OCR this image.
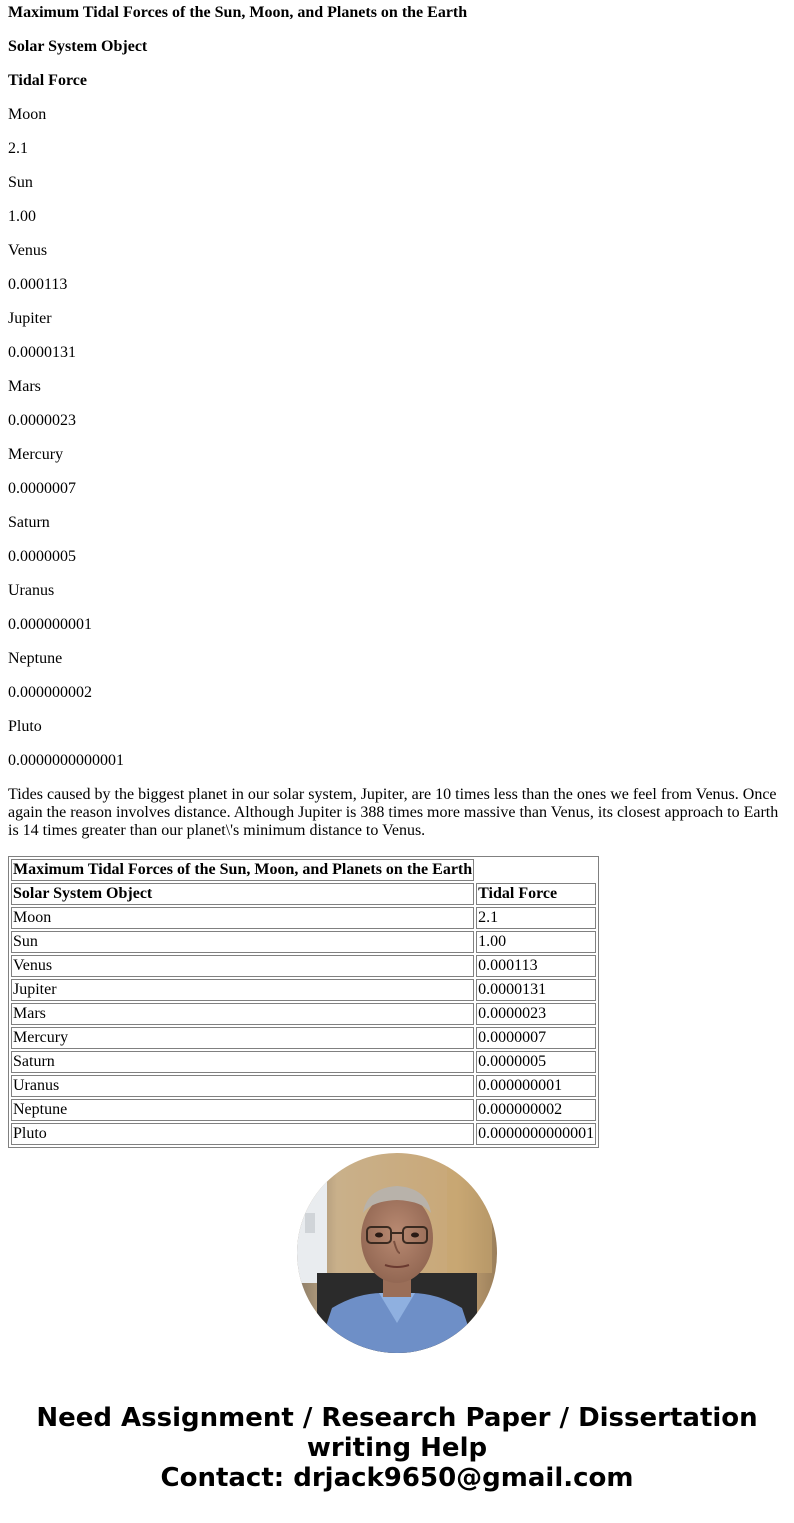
Maximum Tidal Forces of the Sun, Moon, and Planets on the Earth

Solar System Object

Tidal Force

Moon

2.1

Sun

1.00

Venus

0.000113

Jupiter

0.0000131

Mars

0.0000023

Mercury

0.0000007

Saturn

0.0000005

Uranus

0.000000001

Neptune

0.000000002

Pluto

0.0000000000001

Tides caused by the biggest planet in our solar system, Jupiter, are 10 times less than the ones we feel from Venus. Once again the reason involves distance. Although Jupiter is 388 times more massive than Venus, its closest approach to Earth is 14 times greater than our planet\'s minimum distance to Venus.
Maximum Tidal Forces of the Sun, Moon, and Planets on the Earth	
Solar System Object	Tidal Force
Moon	2.1
Sun	1.00
Venus	0.000113
Jupiter	0.0000131
Mars	0.0000023
Mercury	0.0000007
Saturn	0.0000005
Uranus	0.000000001
Neptune	0.000000002
Pluto	0.0000000000001
Need Assignment / Research Paper / Dissertation writing Help
Contact: drjack9650@gmail.com
